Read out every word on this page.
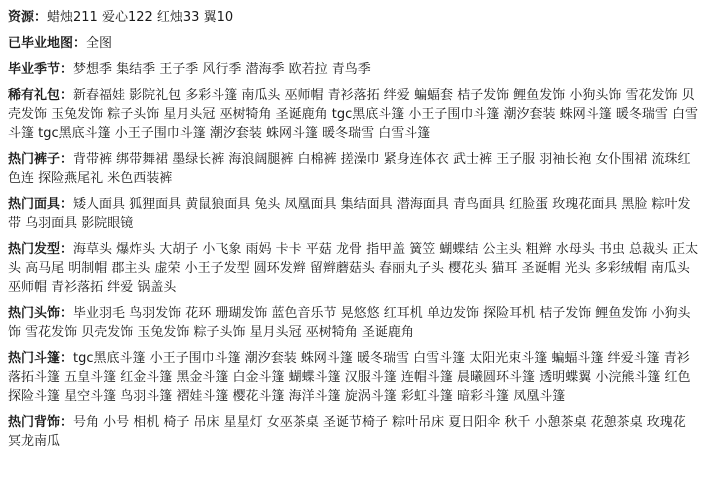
资源：蜡烛211 爱心122 红烛33 翼10
已毕业地图：全图
毕业季节：梦想季 集结季 王子季 风行季 潜海季 欧若拉 青鸟季
稀有礼包：新春福娃 影院礼包 多彩斗篷 南瓜头 巫师帽 青衫落拓 绊爱 蝙蝠套 桔子发饰 鲤鱼发饰 小狗头饰 雪花发饰 贝壳发饰 玉兔发饰 粽子头饰 星月头冠 巫树犄角 圣诞鹿角 tgc黑底斗篷 小王子围巾斗篷 潮汐套装 蛛网斗篷 暖冬瑞雪 白雪斗篷 tgc黑底斗篷 小王子围巾斗篷 潮汐套装 蛛网斗篷 暖冬瑞雪 白雪斗篷
热门裤子：背带裤 绑带舞裙 墨绿长裤 海浪阔腿裤 白棉裤 搓澡巾 紧身连体衣 武士裤 王子服 羽袖长袍 女仆围裙 流珠红色连 探险燕尾礼 米色西装裤
热门面具：矮人面具 狐狸面具 黄鼠狼面具 兔头 凤凰面具 集结面具 潜海面具 青鸟面具 红脸蛋 玫瑰花面具 黑脸 粽叶发带 乌羽面具 影院眼镜
热门发型：海草头 爆炸头 大胡子 小飞象 雨妈 卡卡 平菇 龙骨 指甲盖 簧笠 蝴蝶结 公主头 粗辫 水母头 书虫 总裁头 正太头 高马尾 明制帽 郡主头 虚荣 小王子发型 圆环发辫 留辫蘑菇头 春丽丸子头 樱花头 猫耳 圣诞帽 光头 多彩绒帽 南瓜头 巫师帽 青衫落拓 绊爱 锅盖头
热门头饰：毕业羽毛 鸟羽发饰 花环 珊瑚发饰 蓝色音乐节 晃悠悠 红耳机 单边发饰 探险耳机 桔子发饰 鲤鱼发饰 小狗头饰 雪花发饰 贝壳发饰 玉兔发饰 粽子头饰 星月头冠 巫树犄角 圣诞鹿角
热门斗篷：tgc黑底斗篷 小王子围巾斗篷 潮汐套装 蛛网斗篷 暖冬瑞雪 白雪斗篷 太阳光束斗篷 蝙蝠斗篷 绊爱斗篷 青衫落拓斗篷 五皇斗篷 红金斗篷 黑金斗篷 白金斗篷 蝴蝶斗篷 汉服斗篷 连帽斗篷 晨曦圆环斗篷 透明蝶翼 小浣熊斗篷 红色探险斗篷 星空斗篷 鸟羽斗篷 褶娃斗篷 樱花斗篷 海洋斗篷 旋涡斗篷 彩虹斗篷 暗彩斗篷 凤凰斗篷
热门背饰：号角 小号 相机 椅子 吊床 星星灯 女巫茶桌 圣诞节椅子 粽叶吊床 夏日阳伞 秋千 小憩茶桌 花憩茶桌 玫瑰花 冥龙南瓜
